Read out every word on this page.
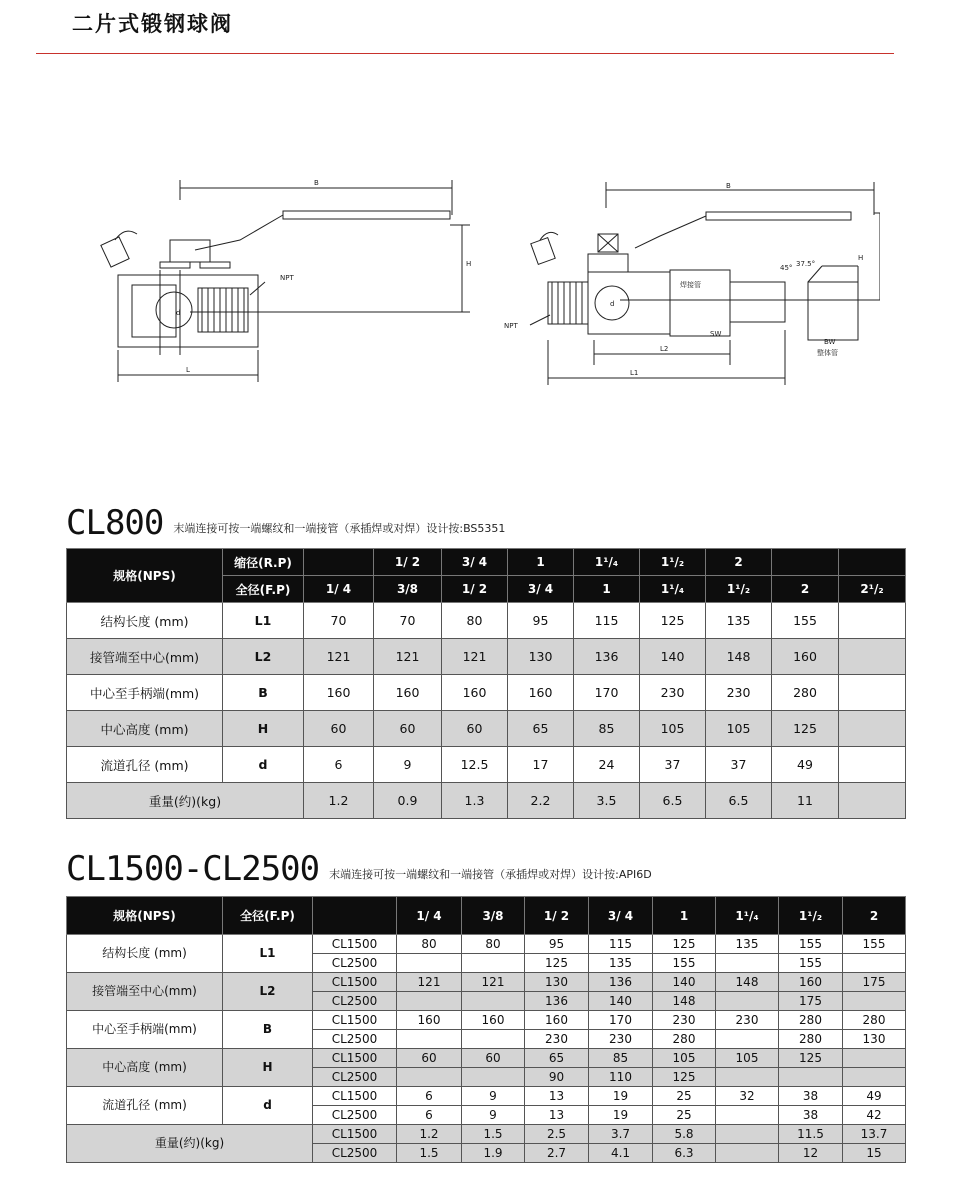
二片式锻钢球阀
B
H
L
NPT
d
B
H
L2
L1
NPT
SW
焊接管
BW
整体管
45° 37.5°
d
CL800 末端连接可按一端螺纹和一端接管（承插焊或对焊）设计按:BS5351
规格(NPS)	缩径(R.P)		1/ 2	3/ 4	1	1¹/₄	1¹/₂	2		
	全径(F.P)	1/ 4	3/8	1/ 2	3/ 4	1	1¹/₄	1¹/₂	2	2¹/₂
结构长度 (mm)	L1	70	70	80	95	115	125	135	155	
接管端至中心(mm)	L2	121	121	121	130	136	140	148	160	
中心至手柄端(mm)	B	160	160	160	160	170	230	230	280	
中心高度 (mm)	H	60	60	60	65	85	105	105	125	
流道孔径 (mm)	d	6	9	12.5	17	24	37	37	49	
重量(约)(kg)		1.2	0.9	1.3	2.2	3.5	6.5	6.5	11	
CL1500-CL2500 末端连接可按一端螺纹和一端接管（承插焊或对焊）设计按:API6D
规格(NPS)	全径(F.P)		1/ 4	3/8	1/ 2	3/ 4	1	1¹/₄	1¹/₂	2
结构长度 (mm)	L1	CL1500	80	80	95	115	125	135	155	155
		CL2500			125	135	155		155	
接管端至中心(mm)	L2	CL1500	121	121	130	136	140	148	160	175
		CL2500			136	140	148		175	
中心至手柄端(mm)	B	CL1500	160	160	160	170	230	230	280	280
		CL2500			230	230	280		280	130
中心高度 (mm)	H	CL1500	60	60	65	85	105	105	125	
		CL2500			90	110	125			
流道孔径 (mm)	d	CL1500	6	9	13	19	25	32	38	49
		CL2500	6	9	13	19	25		38	42
重量(约)(kg)		CL1500	1.2	1.5	2.5	3.7	5.8		11.5	13.7
		CL2500	1.5	1.9	2.7	4.1	6.3		12	15
